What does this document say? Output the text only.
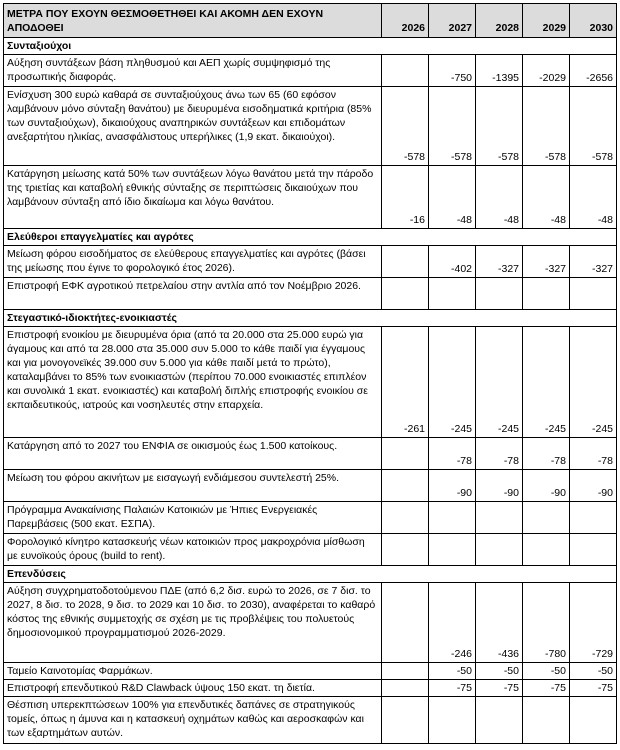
ΜΕΤΡΑ ΠΟΥ ΕΧΟΥΝ ΘΕΣΜΟΘΕΤΗΘΕΙ ΚΑΙ ΑΚΟΜΗ ΔΕΝ ΕΧΟΥΝ ΑΠΟΔΟΘΕΙ	2026	2027	2028	2029	2030
Συνταξιούχοι					
Αύξηση συντάξεων βάση πληθυσμού και ΑΕΠ χωρίς συμψηφισμό της προσωπικής διαφοράς.		-750	-1395	-2029	-2656
Ενίσχυση 300 ευρώ καθαρά σε συνταξιούχους άνω των 65 (60 εφόσον λαμβάνουν μόνο σύνταξη θανάτου) με διευρυμένα εισοδηματικά κριτήρια (85% των συνταξιούχων), δικαιούχους αναπηρικών συντάξεων και επιδομάτων ανεξαρτήτου ηλικίας, ανασφάλιστους υπερήλικες (1,9 εκατ. δικαιούχοι).	-578	-578	-578	-578	-578
Κατάργηση μείωσης κατά 50% των συντάξεων λόγω θανάτου μετά την πάροδο της τριετίας και καταβολή εθνικής σύνταξης σε περιπτώσεις δικαιούχων που λαμβάνουν σύνταξη από ίδιο δικαίωμα και λόγω θανάτου.	-16	-48	-48	-48	-48
Ελεύθεροι επαγγελματίες και αγρότες					
Μείωση φόρου εισοδήματος σε ελεύθερους επαγγελματίες και αγρότες (βάσει της μείωσης που έγινε το φορολογικό έτος 2026).		-402	-327	-327	-327
Επιστροφή ΕΦΚ αγροτικού πετρελαίου στην αντλία από τον Νοέμβριο 2026.					
Στεγαστικό-ιδιοκτήτες-ενοικιαστές					
Επιστροφή ενοικίου με διευρυμένα όρια (από τα 20.000 στα 25.000 ευρώ για άγαμους και από τα 28.000 στα 35.000 συν 5.000 το κάθε παιδί για έγγαμους και για μονογονεϊκές 39.000 συν 5.000 για κάθε παιδί μετά το πρώτο), καταλαμβάνει το 85% των ενοικιαστών (περίπου 70.000 ενοικιαστές επιπλέον και συνολικά 1 εκατ. ενοικιαστές) και καταβολή διπλής επιστροφής ενοικίου σε εκπαιδευτικούς, ιατρούς και νοσηλευτές στην επαρχεία.	-261	-245	-245	-245	-245
Κατάργηση από το 2027 του ΕΝΦΙΑ σε οικισμούς έως 1.500 κατοίκους.		-78	-78	-78	-78
Μείωση του φόρου ακινήτων με εισαγωγή ενδιάμεσου συντελεστή 25%.		-90	-90	-90	-90
Πρόγραμμα Ανακαίνισης Παλαιών Κατοικιών με Ήπιες Ενεργειακές Παρεμβάσεις (500 εκατ. ΕΣΠΑ).					
Φορολογικό κίνητρο κατασκευής νέων κατοικιών προς μακροχρόνια μίσθωση με ευνοϊκούς όρους (build to rent).					
Επενδύσεις					
Αύξηση συγχρηματοδοτούμενου ΠΔΕ (από 6,2 δισ. ευρώ το 2026, σε 7 δισ. το 2027, 8 δισ. το 2028, 9 δισ. το 2029 και 10 δισ. το 2030), αναφέρεται το καθαρό κόστος της εθνικής συμμετοχής σε σχέση με τις προβλέψεις του πολυετούς δημοσιονομικού προγραμματισμού 2026-2029.		-246	-436	-780	-729
Ταμείο Καινοτομίας Φαρμάκων.		-50	-50	-50	-50
Επιστροφή επενδυτικού R&D Clawback ύψους 150 εκατ. τη διετία.		-75	-75	-75	-75
Θέσπιση υπερεκπτώσεων 100% για επενδυτικές δαπάνες σε στρατηγικούς τομείς, όπως η άμυνα και η κατασκευή οχημάτων καθώς και αεροσκαφών και των εξαρτημάτων αυτών.					
